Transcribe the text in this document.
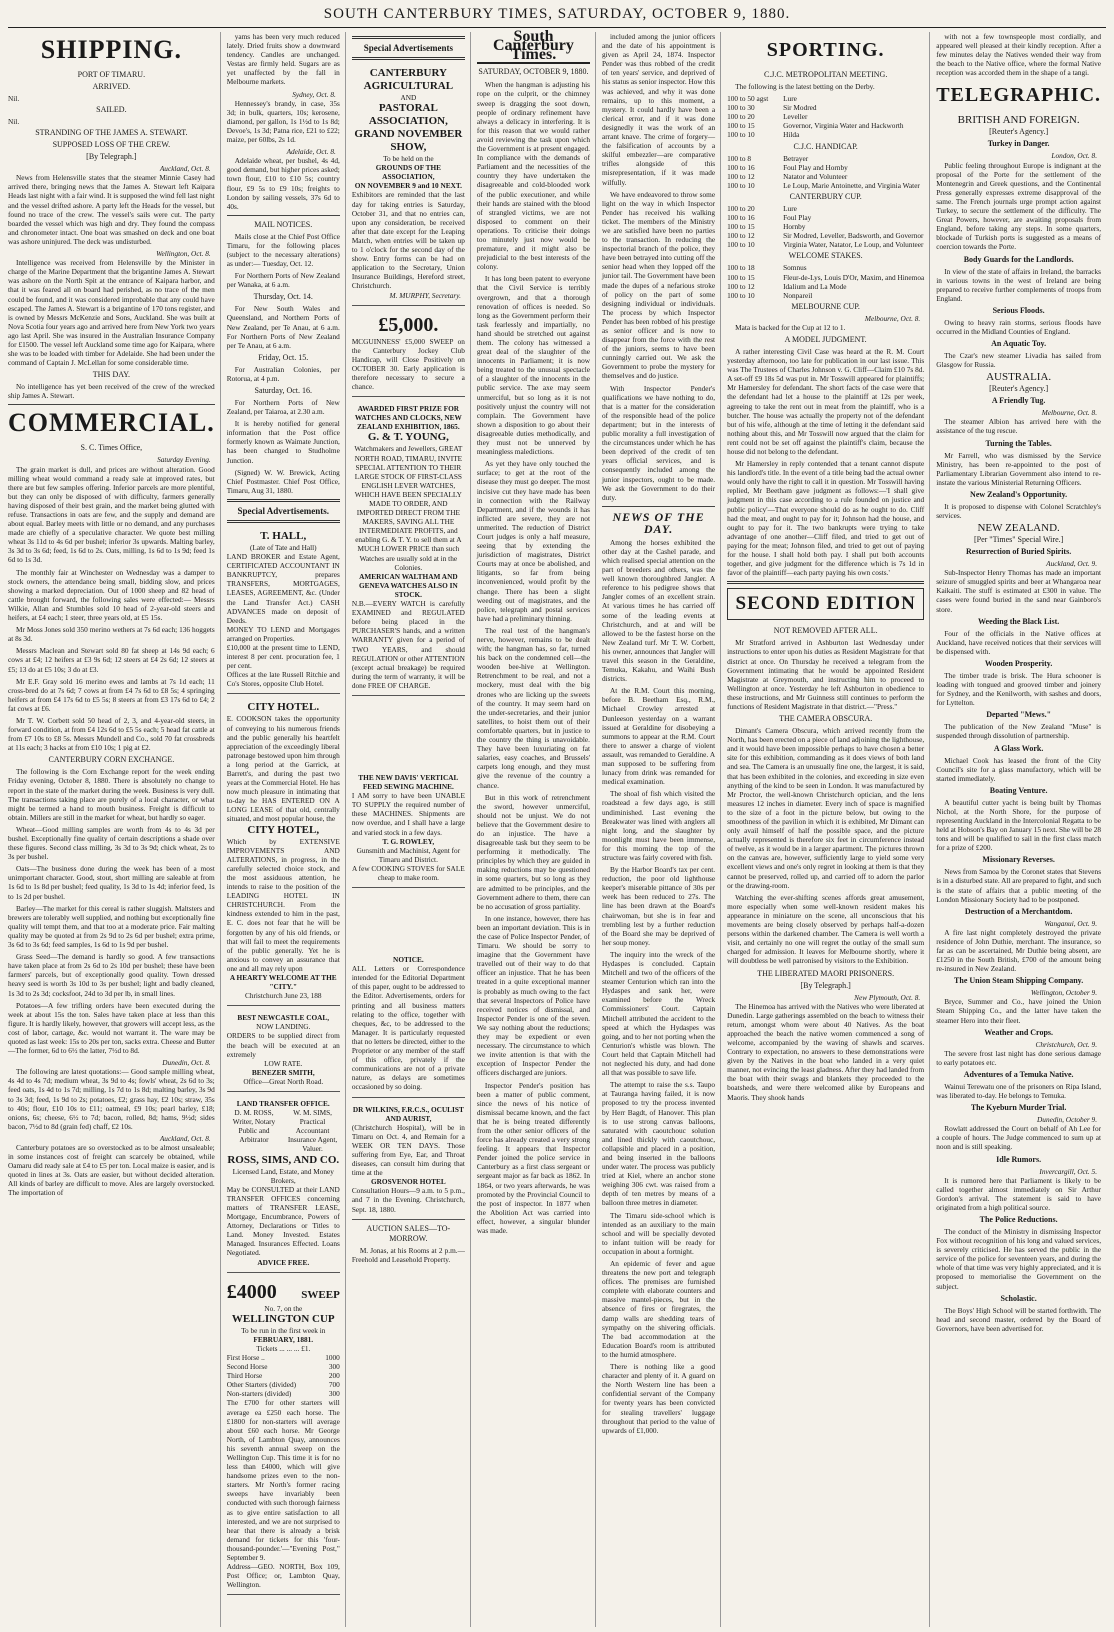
SOUTH CANTERBURY TIMES, SATURDAY, OCTOBER 9, 1880.
SHIPPING.
PORT OF TIMARU.
ARRIVED.
Nil.
SAILED.
Nil.
STRANDING OF THE JAMES A. STEWART.
SUPPOSED LOSS OF THE CREW.
[By Telegraph.]
Auckland, Oct. 8.

News from Helensville states that the steamer Minnie Casey had arrived there, bringing news that the James A. Stewart left Kaipara Heads last night with a fair wind. It is supposed the wind fell last night and the vessel drifted ashore. A party left the Heads for the vessel, but found no trace of the crew. The vessel's sails were cut. The party boarded the vessel which was high and dry. They found the compass and chronometer intact. One boat was smashed on deck and one boat was ashore uninjured. The deck was undisturbed.

Wellington, Oct. 8.

Intelligence was received from Helensville by the Minister in charge of the Marine Department that the brigantine James A. Stewart was ashore on the North Spit at the entrance of Kaipara harbor, and that it was feared all on board had perished, as no trace of the men could be found, and it was considered improbable that any could have escaped. The James A. Stewart is a brigantine of 170 tons register, and is owned by Messrs McKenzie and Sons, Auckland. She was built at Nova Scotia four years ago and arrived here from New York two years ago last April. She was insured in the Australian Insurance Company for £1500. The vessel left Auckland some time ago for Kaipara, where she was to be loaded with timber for Adelaide. She had been under the command of Captain J. McLellan for some considerable time.

THIS DAY.

No intelligence has yet been received of the crew of the wrecked ship James A. Stewart.

COMMERCIAL.
S. C. Times Office,
Saturday Evening.

The grain market is dull, and prices are without alteration. Good milling wheat would command a ready sale at improved rates, but there are but few samples offering. Inferior parcels are more plentiful, but they can only be disposed of with difficulty, farmers generally having disposed of their best grain, and the market being glutted with refuse. Transactions in oats are few, and the supply and demand are about equal. Barley meets with little or no demand, and any purchases made are chiefly of a speculative character. We quote best milling wheat 3s 11d to 4s 6d per bushel; inferior 3s upwards. Malting barley, 3s 3d to 3s 6d; feed, 1s 6d to 2s. Oats, milling, 1s 6d to 1s 9d; feed 1s 6d to 1s 3d.

The monthly fair at Winchester on Wednesday was a damper to stock owners, the attendance being small, bidding slow, and prices showing a marked depreciation. Out of 1000 sheep and 82 head of cattle brought forward, the following sales were effected:— Messrs Wilkie, Allan and Stumbles sold 10 head of 2-year-old steers and heifers, at £4 each; 1 steer, three years old, at £5 15s.

Mr Moss Jones sold 350 merino wethers at 7s 6d each; 136 hoggets at 8s 3d.

Messrs Maclean and Stewart sold 80 fat sheep at 14s 9d each; 6 cows at £4; 12 heifers at £3 9s 6d; 12 steers at £4 2s 6d; 12 steers at £5; 13 do at £5 10s; 3 do at £3.

Mr E.F. Gray sold 16 merino ewes and lambs at 7s 1d each; 11 cross-bred do at 7s 6d; 7 cows at from £4 7s 6d to £8 5s; 4 springing heifers at from £4 17s 6d to £5 5s; 8 steers at from £3 17s 6d to £4; 2 fat cows at £6.

Mr T. W. Corbett sold 50 head of 2, 3, and 4-year-old steers, in forward condition, at from £4 12s 6d to £5 5s each; 5 head fat cattle at from £7 10s to £8 5s. Messrs Mundell and Co., sold 70 fat crossbreds at 11s each; 3 hacks at from £10 10s; 1 pig at £2.

CANTERBURY CORN EXCHANGE.

The following is the Corn Exchange report for the week ending Friday evening, October 8, 1880. There is absolutely no change to report in the state of the market during the week. Business is very dull. The transactions taking place are purely of a local character, or what might be termed a hand to mouth business. Freight is difficult to obtain. Millers are still in the market for wheat, but hardly so eager.

Wheat—Good milling samples are worth from 4s to 4s 3d per bushel. Exceptionally fine quality of certain descriptions a shade over these figures. Second class milling, 3s 3d to 3s 9d; chick wheat, 2s to 3s per bushel.

Oats—The business done during the week has been of a most unimportant character. Good, stout, short milling are saleable at from 1s 6d to 1s 8d per bushel; feed quality, 1s 3d to 1s 4d; inferior feed, 1s to 1s 2d per bushel.

Barley—The market for this cereal is rather sluggish. Maltsters and brewers are tolerably well supplied, and nothing but exceptionally fine quality will tempt them, and that too at a moderate price. Fair malting quality may be quoted at from 2s 9d to 2s 6d per bushel; extra prime, 3s 6d to 3s 6d; feed samples, 1s 6d to 1s 9d per bushel.

Grass Seed—The demand is hardly so good. A few transactions have taken place at from 2s 6d to 2s 10d per bushel; these have been farmers' parcels, but of exceptionally good quality. Town dressed heavy seed is worth 3s 10d to 3s per bushel; light and badly cleaned, 1s 3d to 2s 3d; cocksfoot, 24d to 3d per lb, in small lines.

Potatoes—A few trifling orders have been executed during the week at about 15s the ton. Sales have taken place at less than this figure. It is hardly likely, however, that growers will accept less, as the cost of labor, cartage, &c. would not warrant it. The ware may be quoted as last week: 15s to 20s per ton, sacks extra. Cheese and Butter—The former, 6d to 6½ the latter, 7½d to 8d.

Dunedin, Oct. 8.

The following are latest quotations:— Good sample milling wheat, 4s 4d to 4s 7d; medium wheat, 3s 9d to 4s; fowls' wheat, 2s 6d to 3s; feed oats, 1s 4d to 1s 7d; milling, 1s 7d to 1s 8d; malting barley, 3s 9d to 3s 3d; feed, 1s 9d to 2s; potatoes, £2; grass hay, £2 10s; straw, 35s to 40s; flour, £10 10s to £11; oatmeal, £9 10s; pearl barley, £18; onions, 6s; cheese, 6½ to 7d; bacon, rolled, 8d; hams, 9½d; sides bacon, 7½d to 8d (grain fed) chaff, £2 10s.

Auckland, Oct. 8.

Canterbury potatoes are so overstocked as to be almost unsaleable; in some instances cost of freight can scarcely be obtained, while Oamaru did ready sale at £4 to £5 per ton. Local maize is easier, and is quoted in lines at 3s. Oats are easier, but without decided alteration. All kinds of barley are difficult to move. Ales are largely overstocked. The importation of

yams has been very much reduced lately. Dried fruits show a downward tendency. Candles are unchanged. Vestas are firmly held. Sugars are as yet unaffected by the fall in Melbourne markets.

Sydney, Oct. 8.

Hennessey's brandy, in case, 35s 3d; in bulk, quarters, 10s; kerosene, diamond, per gallon, 1s 1½d to 1s 8d; Devoe's, 1s 3d; Patna rice, £21 to £22; maize, per 60lbs, 2s 1d.

Adelaide, Oct. 8.

Adelaide wheat, per bushel, 4s 4d, good demand, but higher prices asked; town flour, £10 to £10 5s; country flour, £9 5s to £9 10s; freights to London by sailing vessels, 37s 6d to 40s.

MAIL NOTICES.

Mails close at the Chief Post Office Timaru, for the following places (subject to the necessary alterations) as under:— Tuesday, Oct. 12.

For Northern Ports of New Zealand per Wanaka, at 6 a.m.

Thursday, Oct. 14.

For New South Wales and Queensland, and Northern Ports of New Zealand, per Te Anau, at 6 a.m. For Northern Ports of New Zealand per Te Anau, at 6 a.m.

Friday, Oct. 15.

For Australian Colonies, per Rotorua, at 4 p.m.

Saturday, Oct. 16.

For Northern Ports of New Zealand, per Taiaroa, at 2.30 a.m.

It is hereby notified for general information that the Post office formerly known as Waimate Junction, has been changed to Studholme Junction.

(Signed) W. W. Brewick, Acting Chief Postmaster. Chief Post Office, Timaru, Aug 31, 1880.

Special Advertisements.
T. HALL,
(Late of Tate and Hall)
LAND BROKER and Estate Agent, CERTIFICATED ACCOUNTANT IN BANKRUPTCY, prepares TRANSFERS, MORTGAGES, LEASES, AGREEMENT, &c. (Under the Land Transfer Act.) CASH ADVANCES made on deposit of Deeds.
MONEY TO LEND and Mortgages arranged on Properties.
£10,000 at the present time to LEND, interest 8 per cent. procuration fee, 1 per cent.
Offices at the late Russell Ritchie and Co's Stores, opposite Club Hotel.
CITY HOTEL.
E. COOKSON takes the opportunity of conveying to his numerous friends and the public generally his heartfelt appreciation of the exceedingly liberal patronage bestowed upon him through a long period at the Garrick, at Barrett's, and during the past two years at the Commercial Hotel. He has now much pleasure in intimating that to-day he HAS ENTERED ON A LONG LEASE of that old, centrally situated, and most popular house, the
CITY HOTEL,
Which by EXTENSIVE IMPROVEMENTS AND ALTERATIONS, in progress, in the carefully selected choice stock, and the most assiduous attention, he intends to raise to the position of the LEADING HOTEL IN CHRISTCHURCH. From the kindness extended to him in the past, E. C. does not fear that he will be forgotten by any of his old friends, or that will fail to meet the requirements of the public generally. Yet he is anxious to convey an assurance that one and all may rely upon
A HEARTY WELCOME AT THE "CITY."
Christchurch June 23, 188
BEST NEWCASTLE COAL,
NOW LANDING.
ORDERS to be supplied direct from the beach will be executed at an extremely
LOW RATE.
BENEZER SMITH,
Office—Great North Road.
LAND TRANSFER OFFICE.
D. M. ROSS, Writer, Notary Public and Arbitrator
W. M. SIMS, Practical Accountant Insurance Agent, Valuer.
ROSS, SIMS, AND CO.
Licensed Land, Estate, and Money Brokers,
May be CONSULTED at their LAND TRANSFER OFFICES concerning matters of TRANSFER LEASE, Mortgage, Encumbrance, Powers of Attorney, Declarations or Titles to Land. Money Invested. Estates Managed. Insurances Effected. Loans Negotiated.
ADVICE FREE.
£4000 SWEEP
No. 7, on the
WELLINGTON CUP
To be run in the first week in
FEBRUARY, 1881.
Tickets ... ... ... £1.
First Horse ..	1000
Second Horse	300
Third Horse	200
Other Starters (divided)	700
Non-starters (divided)	300
The £700 for other starters will average ea £250 each horse. The £1800 for non-starters will average about £60 each horse. Mr George North, of Lambton Quay, announces his seventh annual sweep on the Wellington Cup. This time it is for no less than £4000, which will give handsome prizes even to the non-starters. Mr North's former racing sweeps have invariably been conducted with such thorough fairness as to give entire satisfaction to all interested, and we are not surprised to hear that there is already a brisk demand for tickets for this 'four-thousand-pounder.'—"Evening Post," September 9.
Address—GEO. NORTH, Box 109, Post Office; or, Lambton Quay, Wellington.
Special Advertisements
CANTERBURY AGRICULTURAL
AND
PASTORAL ASSOCIATION,
GRAND NOVEMBER SHOW,
To be held on the
GROUNDS OF THE ASSOCIATION,
ON NOVEMBER 9 and 10 NEXT.
Exhibitors are reminded that the last day for taking entries is Saturday, October 31, and that no entries can, upon any consideration, be received after that date except for the Leaping Match, when entries will be taken up to 1 o'clock for the second day of the show. Entry forms can be had on application to the Secretary, Union Insurance Buildings, Hereford street, Christchurch.
M. MURPHY, Secretary.
£5,000.
MCGUINNESS' £5,000 SWEEP on the Canterbury Jockey Club Handicap, will Close Positively on OCTOBER 30. Early application is therefore necessary to secure a chance.
AWARDED FIRST PRIZE FOR WATCHES AND CLOCKS, NEW ZEALAND EXHIBITION, 1865.
G. & T. YOUNG,
Watchmakers and Jewellers, GREAT NORTH ROAD, TIMARU, INVITE SPECIAL ATTENTION TO THEIR LARGE STOCK OF FIRST-CLASS ENGLISH LEVER WATCHES, WHICH HAVE BEEN SPECIALLY MADE TO ORDER, AND IMPORTED DIRECT FROM THE MAKERS, SAVING ALL THE INTERMEDIATE PROFITS, and enabling G. & T. Y. to sell them at A MUCH LOWER PRICE than such Watches are usually sold at in the Colonies.
AMERICAN WALTHAM AND GENEVA WATCHES ALSO IN STOCK.
N.B.—EVERY WATCH is carefully EXAMINED and REGULATED before being placed in the PURCHASER'S hands, and a written WARRANTY given for a period of TWO YEARS, and should REGULATION or other ATTENTION (except actual breakage) be required during the term of warranty, it will be done FREE OF CHARGE.
THE NEW DAVIS' VERTICAL FEED SEWING MACHINE.
I AM sorry to have been UNABLE TO SUPPLY the required number of these MACHINES. Shipments are now overdue, and I shall have a large and varied stock in a few days.
T. G. ROWLEY,
Gunsmith and Machinist, Agent for Timaru and District.
A few COOKING STOVES for SALE cheap to make room.
NOTICE.
ALL Letters or Correspondence intended for the Editorial Department of this paper, ought to be addressed to the Editor. Advertisements, orders for printing and all business matters relating to the office, together with cheques, &c, to be addressed to the Manager. It is particularly requested that no letters be directed, either to the Proprietor or any member of the staff of this office, privately if the communications are not of a private nature, as delays are sometimes occasioned by so doing.
DR WILKINS, F.R.C.S., OCULIST AND AURIST,
(Christchurch Hospital), will be in Timaru on Oct. 4, and Remain for a WEEK OR TEN DAYS. Those suffering from Eye, Ear, and Throat diseases, can consult him during that time at the
GROSVENOR HOTEL
Consultation Hours—9 a.m. to 5 p.m., and 7 in the Evening. Christchurch, Sept. 18, 1880.
AUCTION SALES—TO-MORROW.

M. Jonas, at his Rooms at 2 p.m.—Freehold and Leasehold Property.

South Canterbury Times.
SATURDAY, OCTOBER 9, 1880.

When the hangman is adjusting his rope on the culprit, or the chimney sweep is dragging the soot down, people of ordinary refinement have always a delicacy in interfering. It is for this reason that we would rather avoid reviewing the task upon which the Government is at present engaged. In compliance with the demands of Parliament and the necessities of the country they have undertaken the disagreeable and cold-blooded work of the public executioner, and while their hands are stained with the blood of strangled victims, we are not disposed to comment on their operations. To criticise their doings too minutely just now would be premature, and it might also be prejudicial to the best interests of the colony.

It has long been patent to everyone that the Civil Service is terribly overgrown, and that a thorough renovation of offices is needed. So long as the Government perform their task fearlessly and impartially, no hand should be stretched out against them. The colony has witnessed a great deal of the slaughter of the innocents in Parliament; it is now being treated to the unusual spectacle of a slaughter of the innocents in the public service. The axe may seem unmerciful, but so long as it is not positively unjust the country will not complain. The Government have shown a disposition to go about their disagreeable duties methodically, and they must not be unnerved by meaningless maledictions.

As yet they have only touched the surface; to get at the root of the disease they must go deeper. The most incisive cut they have made has been in connection with the Railway Department, and if the wounds it has inflicted are severe, they are not unmerited. The reduction of District Court judges is only a half measure, seeing that by extending the jurisdiction of magistrates, District Courts may at once be abolished, and litigants, so far from being inconvenienced, would profit by the change. There has been a slight weeding out of magistrates, and the police, telegraph and postal services have had a preliminary thinning.

The real test of the hangman's nerve, however, remains to be dealt with; the hangman has, so far, turned his back on the condemned cell—the wooden bee-hive at Wellington. Retrenchment to be real, and not a mockery, must deal with the big drones who are licking up the sweets of the country. It may seem hard on the under-secretaries, and their junior satellites, to hoist them out of their comfortable quarters, but in justice to the country the thing is unavoidable. They have been luxuriating on fat salaries, easy coaches, and Brussels' carpets long enough, and they must give the revenue of the country a chance.

But in this work of retrenchment the sword, however unmerciful, should not be unjust. We do not believe that the Government desire to do an injustice. The have a disagreeable task but they seem to be performing it methodically. The principles by which they are guided in making reductions may be questioned in some quarters, but so long as they are admitted to be principles, and the Government adhere to them, there can be no accusation of gross partiality.

In one instance, however, there has been an important deviation. This is in the case of Police Inspector Pender, of Timaru. We should be sorry to imagine that the Government have travelled out of their way to do that officer an injustice. That he has been treated in a quite exceptional manner is probably as much owing to the fact that several Inspectors of Police have received notices of dismissal, and Inspector Pender is one of the seven. We say nothing about the reductions; they may be expedient or even necessary. The circumstance to which we invite attention is that with the exception of Inspector Pender the officers discharged are juniors.

Inspector Pender's position has been a matter of public comment, since the news of his notice of dismissal became known, and the fact that he is being treated differently from the other senior officers of the force has already created a very strong feeling. It appears that Inspector Pender joined the police service in Canterbury as a first class sergeant or sergeant major as far back as 1862. In 1864, or two years afterwards, he was promoted by the Provincial Council to the post of inspector. In 1877 when the Abolition Act was carried into effect, however, a singular blunder was made.

included among the junior officers and the date of his appointment is given as April 24, 1874. Inspector Pender was thus robbed of the credit of ten years' service, and deprived of his status as senior inspector. How this was achieved, and why it was done remains, up to this moment, a mystery. It could hardly have been a clerical error, and if it was done designedly it was the work of an arrant knave. The crime of forgery—the falsification of accounts by a skilful embezzler—are comparative trifles alongside of this misrepresentation, if it was made wilfully.

We have endeavored to throw some light on the way in which Inspector Pender has received his walking ticket. The members of the Ministry we are satisfied have been no parties to the transaction. In reducing the inspectorial branch of the police, they have been betrayed into cutting off the senior head when they lopped off the junior tail. The Government have been made the dupes of a nefarious stroke of policy on the part of some designing individual or individuals. The process by which Inspector Pender has been robbed of his prestige as senior officer and is now to disappear from the force with the rest of the juniors, seems to have been cunningly carried out. We ask the Government to probe the mystery for themselves and do justice.

With Inspector Pender's qualifications we have nothing to do, that is a matter for the consideration of the responsible head of the police department; but in the interests of public morality a full investigation of the circumstances under which he has been deprived of the credit of ten years official services, and is consequently included among the junior inspectors, ought to be made. We ask the Government to do their duty.

NEWS OF THE DAY.

Among the horses exhibited the other day at the Cashel parade, and which realised special attention on the part of breeders and others, was the well known thoroughbred Jangler. A reference to his pedigree shows that Jangler comes of an excellent strain. At various times he has carried off some of the leading events at Christchurch, and at and will be allowed to be the fastest horse on the New Zealand turf. Mr T. W. Corbett, his owner, announces that Jangler will travel this season in the Geraldine, Temuka, Kakahu, and Waihi Bush districts.

At the R.M. Court this morning, before B. Beetham Esq., R.M., Michael Crowley arrested at Dunleeson yesterday on a warrant issued at Geraldine for disobeying a summons to appear at the R.M. Court there to answer a charge of violent assault, was remanded to Geraldine. A man supposed to be suffering from lunacy from drink was remanded for medical examination.

The shoal of fish which visited the roadstead a few days ago, is still undiminished. Last evening the Breakwater was lined with anglers all night long, and the slaughter by moonlight must have been immense, for this morning the top of the structure was fairly covered with fish.

By the Harbor Board's tax per cent. reduction, the poor old lighthouse keeper's miserable pittance of 30s per week has been reduced to 27s. The line has been drawn at the Board's chairwoman, but she is in fear and trembling lest by a further reduction of the Board she may be deprived of her soup money.

The inquiry into the wreck of the Hydaspes is concluded. Captain Mitchell and two of the officers of the steamer Centurion which ran into the Hydaspes and sank her, were examined before the Wreck Commissioners' Court. Captain Mitchell attributed the accident to the speed at which the Hydaspes was going, and to her not porting when the Centurion's whistle was blown. The Court held that Captain Mitchell had not neglected his duty, and had done all that was possible to save life.

The attempt to raise the s.s. Taupo at Tauranga having failed, it is now proposed to try the process invented by Herr Bagdt, of Hanover. This plan is to use strong canvas balloons, saturated with caoutchouc solution and lined thickly with caoutchouc, collapsible and placed in a position, and being inserted in the balloons under water. The process was publicly tried at Kiel, where an anchor stone weighing 306 cwt. was raised from a depth of ten metres by means of a balloon three metres in diameter.

The Timaru side-school which is intended as an auxiliary to the main school and will be specially devoted to infant tuition will be ready for occupation in about a fortnight.

An epidemic of fever and ague threatens the new port and telegraph offices. The premises are furnished complete with elaborate counters and massive mantel-pieces, but in the absence of fires or firegrates, the damp walls are shedding tears of sympathy on the shivering officials. The bad accommodation at the Education Board's room is attributed to the humid atmosphere.

There is nothing like a good character and plenty of it. A guard on the North Western line has been a confidential servant of the Company for twenty years has been convicted for stealing travellers' luggage throughout that period to the value of upwards of £1,000.

SPORTING.
C.J.C. METROPOLITAN MEETING.

The following is the latest betting on the Derby.

100 to 50 agst	Lure
100 to 30	Sir Modred
100 to 20	Leveller
100 to 15	Governor, Virginia Water and Hackworth
100 to 10	Hilda
C.J.C. HANDICAP.
100 to 8	Betrayer
100 to 16	Foul Play and Hornby
100 to 12	Natator and Volunteer
100 to 10	Le Loup, Marie Antoinette, and Virginia Water
CANTERBURY CUP.
100 to 20	Lure
100 to 16	Foul Play
100 to 15	Hornby
100 to 12	Sir Modred, Leveller, Badsworth, and Governor
100 to 10	Virginia Water, Natator, Le Loup, and Volunteer
WELCOME STAKES.
100 to 18	Somnus
100 to 15	Fleur-de-Lys, Louis D'Or, Maxim, and Hinemoa
100 to 12	Idalium and La Mode
100 to 10	Nonpareil
MELBOURNE CUP.
Melbourne, Oct. 8.

Mata is backed for the Cup at 12 to 1.

A MODEL JUDGMENT.

A rather interesting Civil Case was heard at the R. M. Court yesterday afternoon, too late for publication in our last issue. This was The Trustees of Charles Johnson v. G. Cliff—Claim £10 7s 8d. A set-off £9 18s 5d was put in. Mr Tosswill appeared for plaintiffs; Mr Hamersley for defendant. The short facts of the case were that the defendant had let a house to the plaintiff at 12s per week, agreeing to take the rent out in meat from the plaintiff, who is a butcher. The house was actually the property not of the defendant but of his wife, although at the time of letting it the defendant said nothing about this, and Mr Tosswill now argued that the claim for rent could not be set off against the plaintiff's claim, because the house did not belong to the defendant.

Mr Hamersley in reply contended that a tenant cannot dispute his landlord's title. In the event of a title being bad the actual owner would only have the right to call it in question. Mr Tosswill having replied, Mr Beetham gave judgment as follows:—'I shall give judgment in this case according to a rule founded on justice and public policy'—That everyone should do as he ought to do. Cliff had the meat, and ought to pay for it; Johnson had the house, and ought to pay for it. The two bankrupts were trying to take advantage of one another—Cliff filed, and tried to get out of paying for the meat; Johnson filed, and tried to get out of paying for the house. I shall hold both pay. I shall put both accounts together, and give judgment for the difference which is 7s 1d in favor of the plaintiff—each party paying his own costs.'

SECOND EDITION
NOT REMOVED AFTER ALL.

Mr Stratford arrived in Ashburton last Wednesday under instructions to enter upon his duties as Resident Magistrate for that district at once. On Thursday he received a telegram from the Government intimating that he would be appointed Resident Magistrate at Greymouth, and instructing him to proceed to Wellington at once. Yesterday he left Ashburton in obedience to these instructions, and Mr Guinness still continues to perform the functions of Resident Magistrate in that district.—"Press."

THE CAMERA OBSCURA.

Dimant's Camera Obscura, which arrived recently from the North, has been erected on a piece of land adjoining the lighthouse, and it would have been impossible perhaps to have chosen a better site for this exhibition, commanding as it does views of both land and sea. The Camera is an unusually fine one, the largest, it is said, that has been exhibited in the colonies, and exceeding in size even anything of the kind to be seen in London. It was manufactured by Mr Proctor, the well-known Christchurch optician, and the lens measures 12 inches in diameter. Every inch of space is magnified to the size of a foot in the picture below, but owing to the smoothness of the pavilion in which it is exhibited, Mr Dimant can only avail himself of half the possible space, and the picture actually represented is therefore six feet in circumference instead of twelve, as it would be in a larger apartment. The pictures thrown on the canvas are, however, sufficiently large to yield some very excellent views and one's only regret in looking at them is that they cannot be preserved, rolled up, and carried off to adorn the parlor or the drawing-room.

Watching the ever-shifting scenes affords great amusement, more especially when some well-known resident makes his appearance in miniature on the scene, all unconscious that his movements are being closely observed by perhaps half-a-dozen persons within the darkened chamber. The Camera is well worth a visit, and certainly no one will regret the outlay of the small sum charged for admission. It leaves for Melbourne shortly, where it will doubtless be well patronised by visitors to the Exhibition.

THE LIBERATED MAORI PRISONERS.
[By Telegraph.]
New Plymouth, Oct. 8.

The Hinemoa has arrived with the Natives who were liberated at Dunedin. Large gatherings assembled on the beach to witness their return, amongst whom were about 40 Natives. As the boat approached the beach the native women commenced a song of welcome, accompanied by the waving of shawls and scarves. Contrary to expectation, no answers to these demonstrations were given by the Natives in the boat who landed in a very quiet manner, not evincing the least gladness. After they had landed from the boat with their swags and blankets they proceeded to the boatsheds, and were there welcomed alike by Europeans and Maoris. They shook hands

with not a few townspeople most cordially, and appeared well pleased at their kindly reception. After a few minutes delay the Natives wended their way from the beach to the Native office, where the formal Native reception was accorded them in the shape of a tangi.

TELEGRAPHIC.
BRITISH AND FOREIGN.
[Reuter's Agency.]
Turkey in Danger.
London, Oct. 8.

Public feeling throughout Europe is indignant at the proposal of the Porte for the settlement of the Montenegrin and Greek questions, and the Continental Press generally expresses extreme disapproval of the same. The French journals urge prompt action against Turkey, to secure the settlement of the difficulty. The Great Powers, however, are awaiting proposals from England, before taking any steps. In some quarters, blockade of Turkish ports is suggested as a means of coercion towards the Porte.

Body Guards for the Landlords.

In view of the state of affairs in Ireland, the barracks in various towns in the west of Ireland are being prepared to receive further complements of troops from England.

Serious Floods.

Owing to heavy rain storms, serious floods have occurred in the Midland Counties of England.

An Aquatic Toy.

The Czar's new steamer Livadia has sailed from Glasgow for Russia.

AUSTRALIA.
[Reuter's Agency.]
A Friendly Tug.
Melbourne, Oct. 8.

The steamer Albion has arrived here with the assistance of the tug rescue.

Turning the Tables.

Mr Farrell, who was dismissed by the Service Ministry, has been re-appointed to the post of Parliamentary Librarian Government also intend to re-instate the various Ministerial Returning Officers.

New Zealand's Opportunity.

It is proposed to dispense with Colonel Scratchley's services.

NEW ZEALAND.
[Per "Times" Special Wire.]
Resurrection of Buried Spirits.
Auckland, Oct. 9.

Sub-Inspector Henry Thomas has made an important seizure of smuggled spirits and beer at Whangaroa near Kaikaiti. The stuff is estimated at £300 in value. The cases were found buried in the sand near Gainboro's store.

Weeding the Black List.

Four of the officials in the Native offices at Auckland, have received notices that their services will be dispensed with.

Wooden Prosperity.

The timber trade is brisk. The Hura schooner is loading with tongued and grooved timber and joinery for Sydney, and the Kenilworth, with sashes and doors, for Lyttelton.

Departed "Mews."

The publication of the New Zealand "Muse" is suspended through dissolution of partnership.

A Glass Work.

Michael Cook has leased the front of the City Council's site for a glass manufactory, which will be started immediately.

Boating Venture.

A beautiful cutter yacht is being built by Thomas Nichol, at the North Shore, for the purpose of representing Auckland in the Intercolonial Regatta to be held at Hobson's Bay on January 15 next. She will be 28 tons and will be qualified to sail in the first class match for a prize of £200.

Missionary Reverses.

News from Samoa by the Coronet states that Stevens is in a disturbed state. All are prepared to fight, and such is the state of affairs that a public meeting of the London Missionary Society had to be postponed.

Destruction of a Merchantdom.
Wanganui, Oct. 9.

A fire last night completely destroyed the private residence of John Duthie, merchant. The insurance, so far as can be ascertained, Mr Duthie being absent, are £1250 in the South British, £700 of the amount being re-insured in New Zealand.

The Union Steam Shipping Company.
Wellington, October 9.

Bryce, Summer and Co., have joined the Union Steam Shipping Co., and the latter have taken the steamer Hero into their fleet.

Weather and Crops.
Christchurch, Oct. 9.

The severe frost last night has done serious damage to early potatoes etc.

Adventures of a Temuka Native.

Wainui Terewatu one of the prisoners on Ripa Island, was liberated to-day. He belongs to Temuka.

The Kyeburn Murder Trial.
Dunedin, October 9.

Rowlatt addressed the Court on behalf of Ah Lee for a couple of hours. The Judge commenced to sum up at noon and is still speaking.

Idle Rumors.
Invercargill, Oct. 5.

It is rumored here that Parliament is likely to be called together almost immediately on Sir Arthur Gordon's arrival. The statement is said to have originated from a high political source.

The Police Reductions.

The conduct of the Ministry in dismissing Inspector Fox without recognition of his long and valued services, is severely criticised. He has served the public in the service of the police for seventeen years, and during the whole of that time was very highly appreciated, and it is proposed to memorialise the Government on the subject.

Scholastic.

The Boys' High School will be started forthwith. The head and second master, ordered by the Board of Governors, have been advertised for.
